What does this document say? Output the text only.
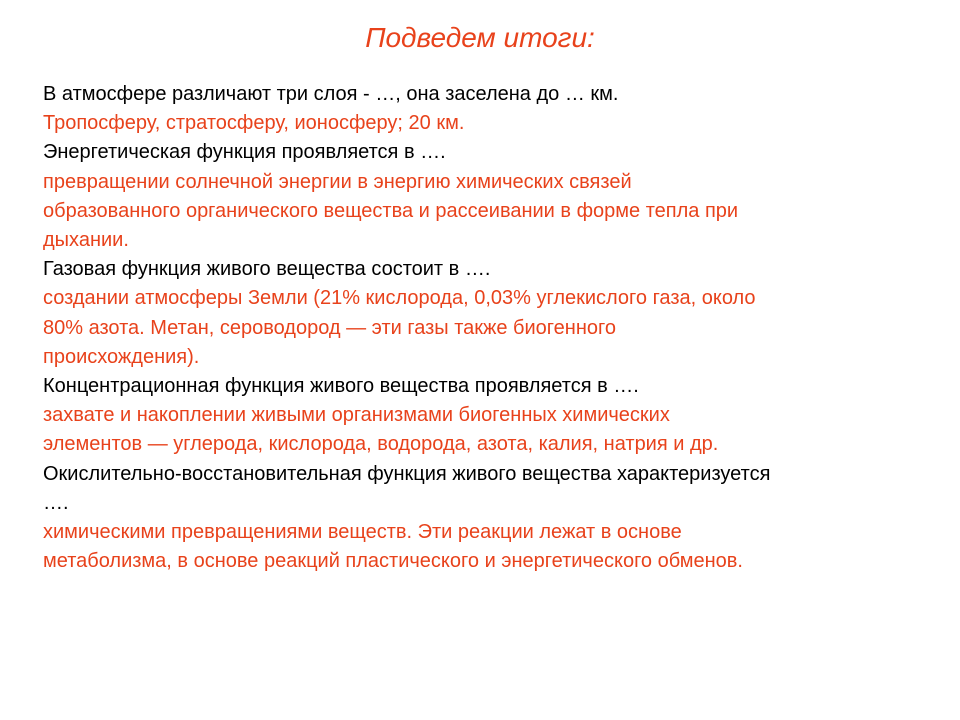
Подведем итоги:

В атмосфере различают три слоя - …, она заселена до … км.

Тропосферу, стратосферу, ионосферу; 20 км.

Энергетическая функция проявляется в ….

превращении солнечной энергии в энергию химических связей

образованного органического вещества и рассеивании в форме тепла при

дыхании.

Газовая функция живого вещества состоит в ….

создании атмосферы Земли (21% кислорода, 0,03% углекислого газа, около

80% азота. Метан, сероводород — эти газы также биогенного

происхождения).

Концентрационная функция живого вещества проявляется в ….

захвате и накоплении живыми организмами биогенных химических

элементов — углерода, кислорода, водорода, азота, калия, натрия и др.

Окислительно-восстановительная функция живого вещества характеризуется

….

химическими превращениями веществ. Эти реакции лежат в основе

метаболизма, в основе реакций пластического и энергетического обменов.
